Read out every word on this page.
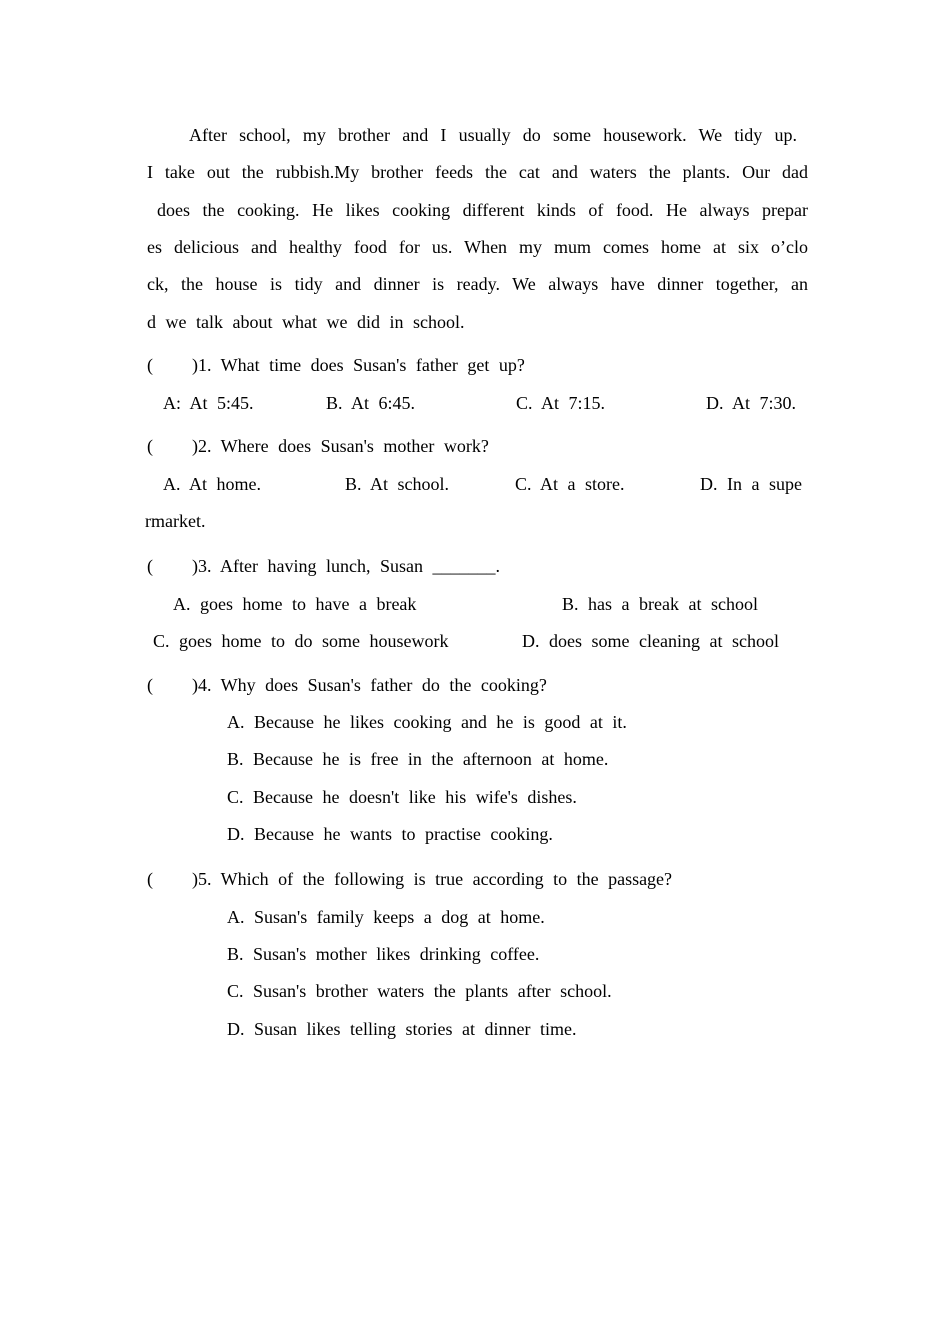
After school, my brother and I usually do some housework. We tidy up.
I take out the rubbish.My brother feeds the cat and waters the plants. Our dad
does the cooking. He likes cooking different kinds of food. He always prepar
es delicious and healthy food for us. When my mum comes home at six o’clo
ck, the house is tidy and dinner is ready. We always have dinner together, an
d we talk about what we did in school.
( )1. What time does Susan's father get up?
A: At 5:45.	B. At 6:45.	C. At 7:15.	D. At 7:30.
( )2. Where does Susan's mother work?
A. At home.	B. At school.	C. At a store.	D. In a supe
rmarket.
( )3. After having lunch, Susan _______.
A. goes home to have a break	B. has a break at school
C. goes home to do some housework	D. does some cleaning at school
( )4. Why does Susan's father do the cooking?
A. Because he likes cooking and he is good at it.
B. Because he is free in the afternoon at home.
C. Because he doesn't like his wife's dishes.
D. Because he wants to practise cooking.
( )5. Which of the following is true according to the passage?
A. Susan's family keeps a dog at home.
B. Susan's mother likes drinking coffee.
C. Susan's brother waters the plants after school.
D. Susan likes telling stories at dinner time.
